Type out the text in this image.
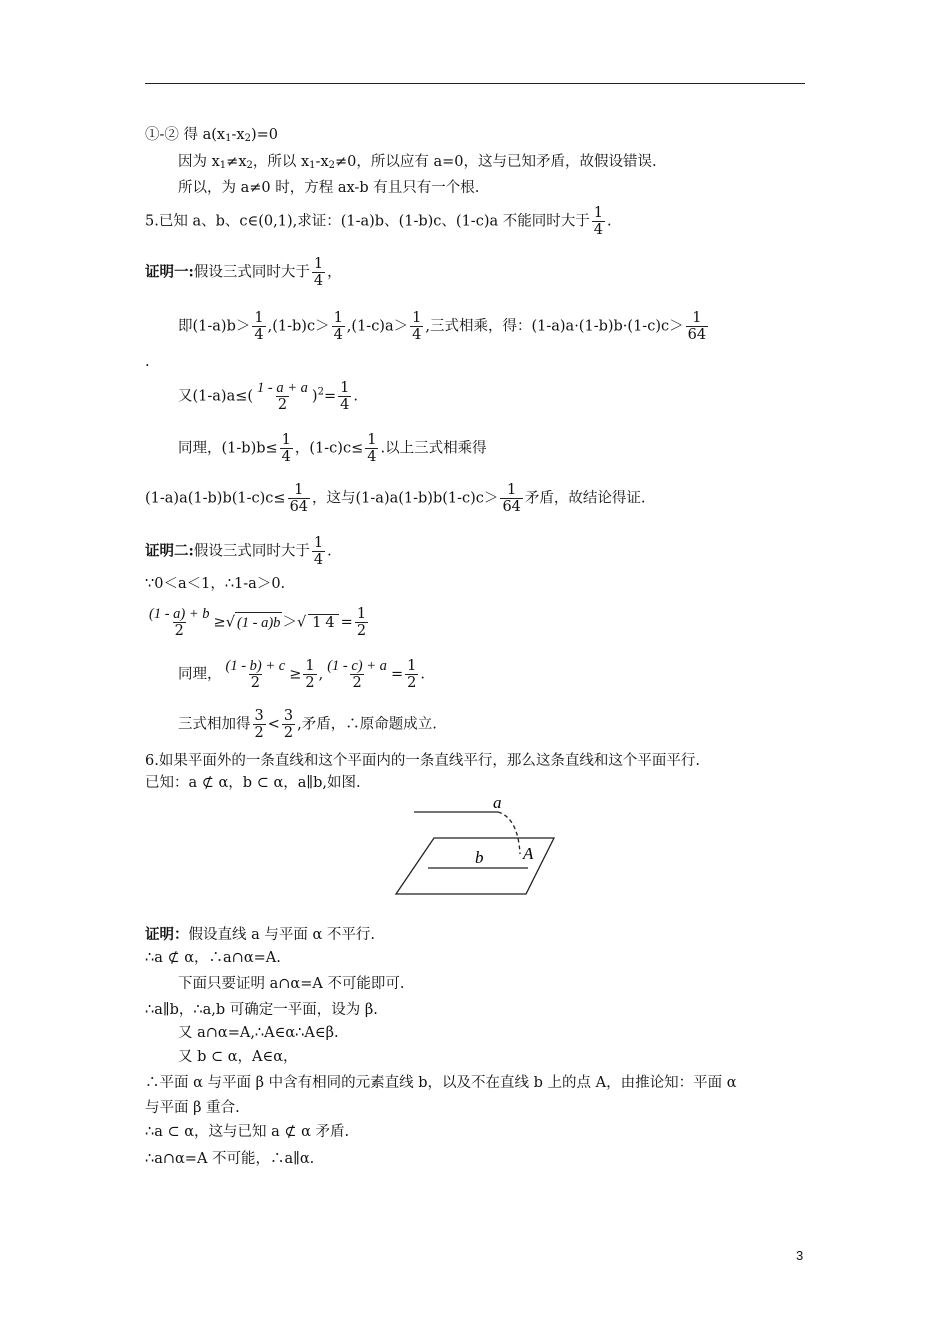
①-② 得 $a(x_1-x_2)=0$
因为 $x_1\ne x_2$，所以 $x_1-x_2\ne 0$，所以应有 a=0，这与已知矛盾，故假设错误.
所以，为 a≠0 时，方程 ax-b 有且只有一个根.
5.已知 a、b、c∈(0,1),求证：(1-a)b、(1-b)c、(1-c)a 不能同时大于 $\frac{1}{4}$ .
证明一:假设三式同时大于 $\frac{1}{4}$ ，
即$(1-a)b> \frac{1}{4} ,(1-b)c> \frac{1}{4} ,(1-c)a> \frac{1}{4}$ ,三式相乘，得：$(1-a)a\cdot(1-b)b\cdot(1-c)c> \frac{1}{64}$
.
又$(1-a)a\le( \frac{1 - a + a}{2} )^2= \frac{1}{4}$ .
同理，$(1-b)b\le \frac{1}{4}$ ，$(1-c)c\le \frac{1}{4}$ .以上三式相乘得
$(1-a)a(1-b)b(1-c)c\le \frac{1}{64}$ ，这与$(1-a)a(1-b)b(1-c)c> \frac{1}{64}$ 矛盾，故结论得证.
证明二:假设三式同时大于 $\frac{1}{4}$ .
∵0＜a＜1，∴1-a＞0.
$\frac{(1 - a) + b}{2}$ ≥√ (1 - a)b ＞√ 1 $4 = \frac{1}{2}$
同理， $\frac{(1 - b) + c}{2} \ge \frac{1}{2}$ , $\frac{(1 - c) + a}{2} = \frac{1}{2}$ .
三式相加得 $\frac{3}{2} < \frac{3}{2}$ ,矛盾，∴原命题成立.
6.如果平面外的一条直线和这个平面内的一条直线平行，那么这条直线和这个平面平行.
已知：a ⊄ α，b ⊂ α，a∥b,如图.
a
b A
证明：假设直线 a 与平面 α 不平行.
∴a ⊄ α，∴a∩α=A.
下面只要证明 a∩α=A 不可能即可.
∴a∥b，∴a,b 可确定一平面，设为 β.
又 a∩α=A,∴A∈α∴A∈β.
又 b ⊂ α，A∈α，
∴平面 α 与平面 β 中含有相同的元素直线 b，以及不在直线 b 上的点 A，由推论知：平面 α
与平面 β 重合.
∴a ⊂ α，这与已知 a ⊄ α 矛盾.
∴a∩α=A 不可能，∴a∥α.
3
